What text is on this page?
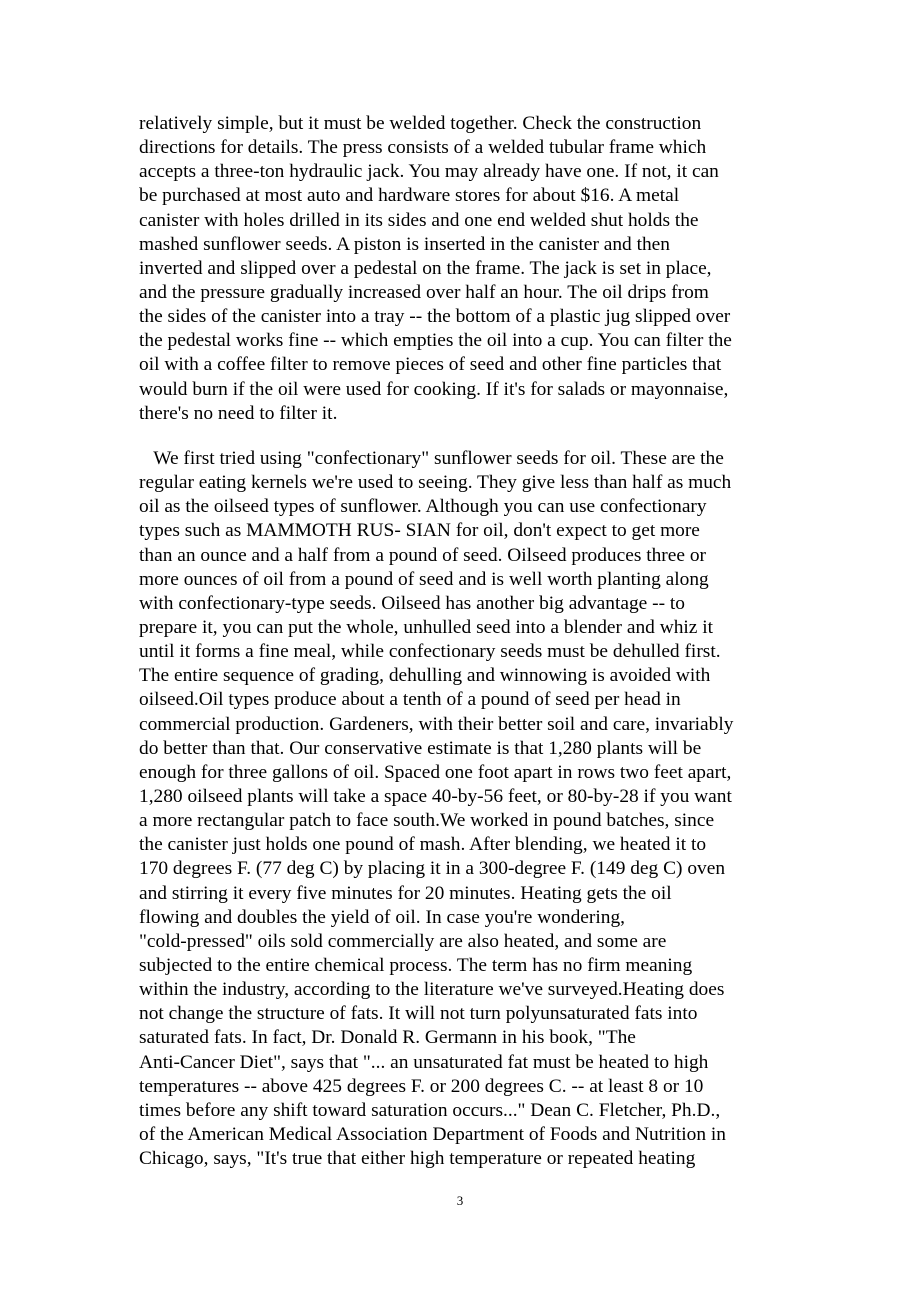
relatively simple, but it must be welded together. Check the construction
directions for details. The press consists of a welded tubular frame which
accepts a three-ton hydraulic jack. You may already have one. If not, it can
be purchased at most auto and hardware stores for about $16. A metal
canister with holes drilled in its sides and one end welded shut holds the
mashed sunflower seeds. A piston is inserted in the canister and then
inverted and slipped over a pedestal on the frame. The jack is set in place,
and the pressure gradually increased over half an hour. The oil drips from
the sides of the canister into a tray -- the bottom of a plastic jug slipped over
the pedestal works fine -- which empties the oil into a cup. You can filter the
oil with a coffee filter to remove pieces of seed and other fine particles that
would burn if the oil were used for cooking. If it's for salads or mayonnaise,
there's no need to filter it.
We first tried using "confectionary" sunflower seeds for oil. These are the
regular eating kernels we're used to seeing. They give less than half as much
oil as the oilseed types of sunflower. Although you can use confectionary
types such as MAMMOTH RUS- SIAN for oil, don't expect to get more
than an ounce and a half from a pound of seed. Oilseed produces three or
more ounces of oil from a pound of seed and is well worth planting along
with confectionary-type seeds. Oilseed has another big advantage -- to
prepare it, you can put the whole, unhulled seed into a blender and whiz it
until it forms a fine meal, while confectionary seeds must be dehulled first.
The entire sequence of grading, dehulling and winnowing is avoided with
oilseed.Oil types produce about a tenth of a pound of seed per head in
commercial production. Gardeners, with their better soil and care, invariably
do better than that. Our conservative estimate is that 1,280 plants will be
enough for three gallons of oil. Spaced one foot apart in rows two feet apart,
1,280 oilseed plants will take a space 40-by-56 feet, or 80-by-28 if you want
a more rectangular patch to face south.We worked in pound batches, since
the canister just holds one pound of mash. After blending, we heated it to
170 degrees F. (77 deg C) by placing it in a 300-degree F. (149 deg C) oven
and stirring it every five minutes for 20 minutes. Heating gets the oil
flowing and doubles the yield of oil. In case you're wondering,
"cold-pressed" oils sold commercially are also heated, and some are
subjected to the entire chemical process. The term has no firm meaning
within the industry, according to the literature we've surveyed.Heating does
not change the structure of fats. It will not turn polyunsaturated fats into
saturated fats. In fact, Dr. Donald R. Germann in his book, "The
Anti-Cancer Diet", says that "... an unsaturated fat must be heated to high
temperatures -- above 425 degrees F. or 200 degrees C. -- at least 8 or 10
times before any shift toward saturation occurs..." Dean C. Fletcher, Ph.D.,
of the American Medical Association Department of Foods and Nutrition in
Chicago, says, "It's true that either high temperature or repeated heating
3
